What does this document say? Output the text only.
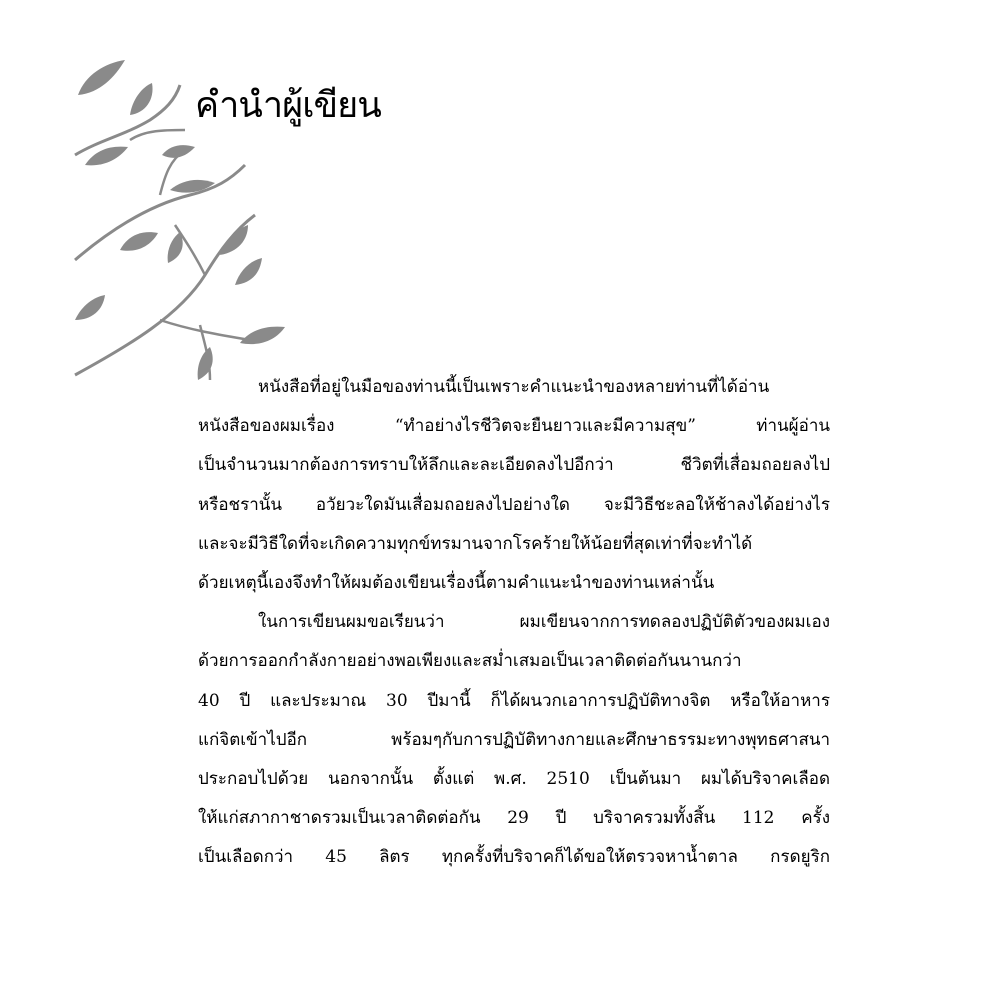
คำนำผู้เขียน
หนังสือที่อยู่ในมือของท่านนี้เป็นเพราะคำแนะนำของหลายท่านที่ได้อ่าน
หนังสือของผมเรื่อง “ทำอย่างไรชีวิตจะยืนยาวและมีความสุข” ท่านผู้อ่าน
เป็นจำนวนมากต้องการทราบให้ลึกและละเอียดลงไปอีกว่า ชีวิตที่เสื่อมถอยลงไป
หรือชรานั้น อวัยวะใดมันเสื่อมถอยลงไปอย่างใด จะมีวิธีชะลอให้ช้าลงได้อย่างไร
และจะมีวิธีใดที่จะเกิดความทุกข์ทรมานจากโรคร้ายให้น้อยที่สุดเท่าที่จะทำได้
ด้วยเหตุนี้เองจึงทำให้ผมต้องเขียนเรื่องนี้ตามคำแนะนำของท่านเหล่านั้น
ในการเขียนผมขอเรียนว่า ผมเขียนจากการทดลองปฏิบัติตัวของผมเอง
ด้วยการออกกำลังกายอย่างพอเพียงและสม่ำเสมอเป็นเวลาติดต่อกันนานกว่า
40 ปี และประมาณ 30 ปีมานี้ ก็ได้ผนวกเอาการปฏิบัติทางจิต หรือให้อาหาร
แก่จิตเข้าไปอีก พร้อมๆกับการปฏิบัติทางกายและศึกษาธรรมะทางพุทธศาสนา
ประกอบไปด้วย นอกจากนั้น ตั้งแต่ พ.ศ. 2510 เป็นต้นมา ผมได้บริจาคเลือด
ให้แก่สภากาชาดรวมเป็นเวลาติดต่อกัน 29 ปี บริจาครวมทั้งสิ้น 112 ครั้ง
เป็นเลือดกว่า 45 ลิตร ทุกครั้งที่บริจาคก็ได้ขอให้ตรวจหาน้ำตาล กรดยูริก
